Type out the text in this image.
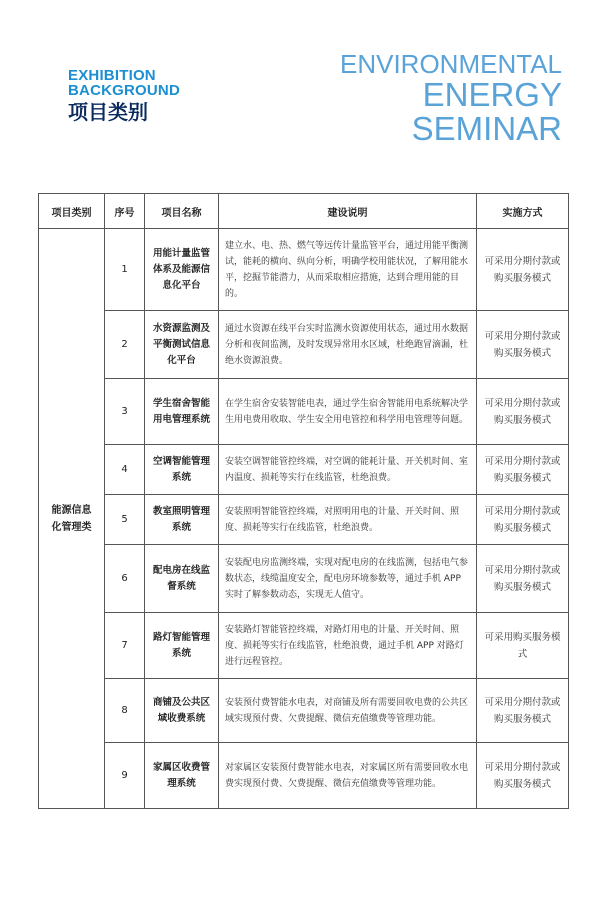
EXHIBITION
BACKGROUND
项目类别
ENVIRONMENTAL
ENERGY
SEMINAR
项目类别	序号	项目名称	建设说明	实施方式

能源信息化管理类	1	用能计量监管体系及能源信息化平台	建立水、电、热、燃气等远传计量监管平台，通过用能平衡测试，能耗的横向、纵向分析，明确学校用能状况，了解用能水平，挖掘节能潜力，从而采取相应措施，达到合理用能的目的。	可采用分期付款或购买服务模式
	2	水资源监测及平衡测试信息化平台	通过水资源在线平台实时监测水资源使用状态，通过用水数据分析和夜间监测，及时发现异常用水区域，杜绝跑冒滴漏，杜绝水资源浪费。	可采用分期付款或购买服务模式
	3	学生宿舍智能用电管理系统	在学生宿舍安装智能电表，通过学生宿舍智能用电系统解决学生用电费用收取、学生安全用电管控和科学用电管理等问题。	可采用分期付款或购买服务模式
	4	空调智能管理系统	安装空调智能管控终端，对空调的能耗计量、开关机时间、室内温度、损耗等实行在线监管，杜绝浪费。	可采用分期付款或购买服务模式
	5	教室照明管理系统	安装照明智能管控终端，对照明用电的计量、开关时间、照度、损耗等实行在线监管，杜绝浪费。	可采用分期付款或购买服务模式
	6	配电房在线监督系统	安装配电房监测终端，实现对配电房的在线监测，包括电气参数状态，线缆温度安全，配电房环境参数等，通过手机 APP 实时了解参数动态，实现无人值守。	可采用分期付款或购买服务模式
	7	路灯智能管理系统	安装路灯智能管控终端，对路灯用电的计量、开关时间、照度、损耗等实行在线监管，杜绝浪费，通过手机 APP 对路灯进行远程管控。	可采用购买服务模式
	8	商铺及公共区域收费系统	安装预付费智能水电表，对商铺及所有需要回收电费的公共区域实现预付费、欠费提醒、微信充值缴费等管理功能。	可采用分期付款或购买服务模式
	9	家属区收费管理系统	对家属区安装预付费智能水电表，对家属区所有需要回收水电费实现预付费、欠费提醒、微信充值缴费等管理功能。	可采用分期付款或购买服务模式
